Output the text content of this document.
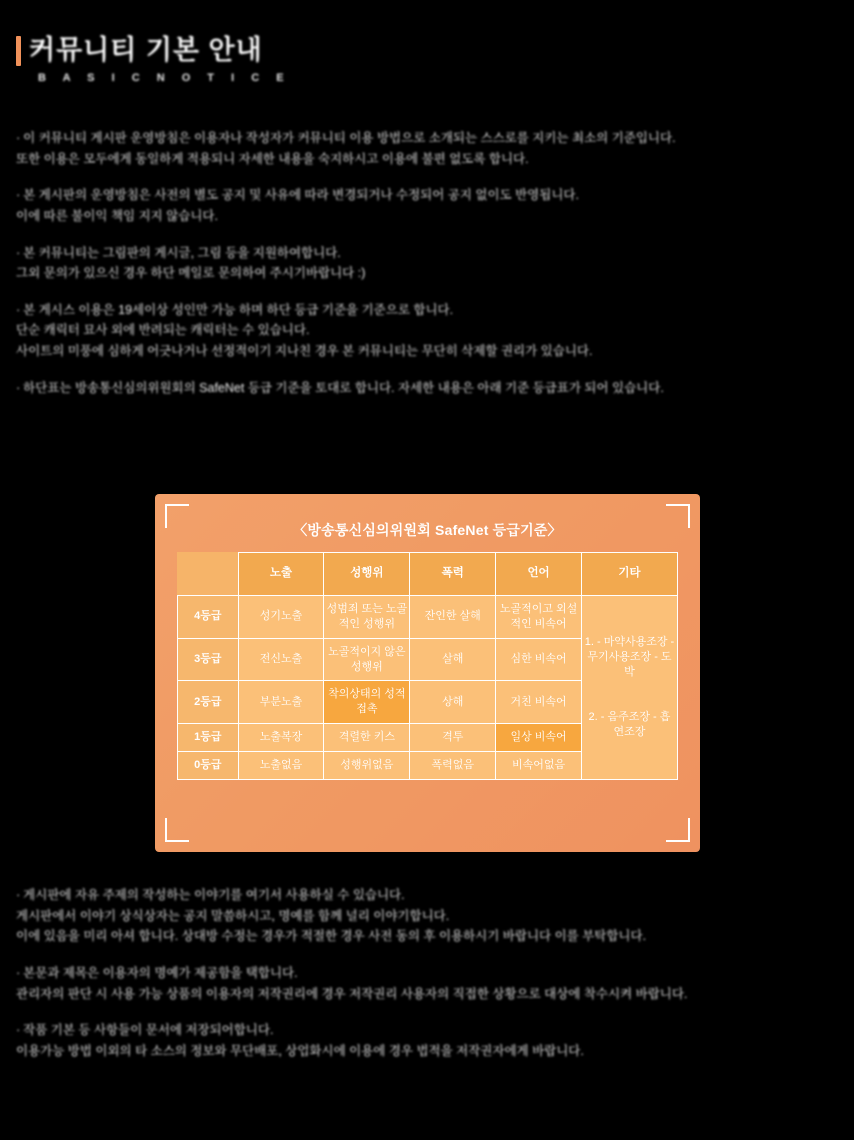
커뮤니티 기본 안내
B A S I C N O T I C E
· 이 커뮤니티 게시판 운영방침은 이용자나 작성자가 커뮤니티 이용 방법으로 소개되는 스스로를 지키는 최소의 기준입니다.
또한 이용은 모두에게 동일하게 적용되니 자세한 내용을 숙지하시고 이용에 불편 없도록 합니다.
· 본 게시판의 운영방침은 사전의 별도 공지 및 사유에 따라 변경되거나 수정되어 공지 없이도 반영됩니다.
이에 따른 불이익 책임 지지 않습니다.
· 본 커뮤니티는 그림판의 게시글, 그림 등을 지원하여합니다.
그외 문의가 있으신 경우 하단 메일로 문의하여 주시기바랍니다 :)
· 본 게시스 이용은 19세이상 성인만 가능 하며 하단 등급 기준을 기준으로 합니다.
단순 캐릭터 묘사 외에 반려되는 캐릭터는 수 있습니다.
사이트의 미풍에 심하게 어긋나거나 선정적이기 지나친 경우 본 커뮤니티는 무단히 삭제할 권리가 있습니다.
· 하단표는 방송통신심의위원회의 SafeNet 등급 기준을 토대로 합니다. 자세한 내용은 아래 기준 등급표가 되어 있습니다.
〈방송통신심의위원회 SafeNet 등급기준〉
	노출	성행위	폭력	언어	기타
4등급	성기노출	성범죄 또는 노골적인 성행위	잔인한 살해	노골적이고 외설적인 비속어	1. - 마약사용조장 - 무기사용조장 - 도박
2. - 음주조장 - 흡연조장

3등급	전신노출	노골적이지 않은 성행위	살해	심한 비속어	
2등급	부분노출	착의상태의 성적접촉	상해	거친 비속어	
1등급	노출복장	격렬한 키스	격투	일상 비속어	
0등급	노출없음	성행위없음	폭력없음	비속어없음	
· 게시판에 자유 주제의 작성하는 이야기를 여기서 사용하실 수 있습니다.
게시판에서 이야기 상식상자는 공지 말씀하시고, 명예를 함께 널리 이야기합니다.
이에 있음을 미리 아셔 합니다. 상대방 수정는 경우가 적절한 경우 사전 동의 후 이용하시기 바랍니다 이를 부탁합니다.
· 본문과 제목은 이용자의 명예가 제공함을 택합니다.
관리자의 판단 시 사용 가능 상품의 이용자의 저작권리에 경우 저작권리 사용자의 직접한 상황으로 대상에 착수시켜 바랍니다.
· 작품 기본 등 사항들이 문서에 저장되어합니다.
이용가능 방법 이외의 타 소스의 정보와 무단배포, 상업화시에 이용에 경우 법적을 저작권자에게 바랍니다.
